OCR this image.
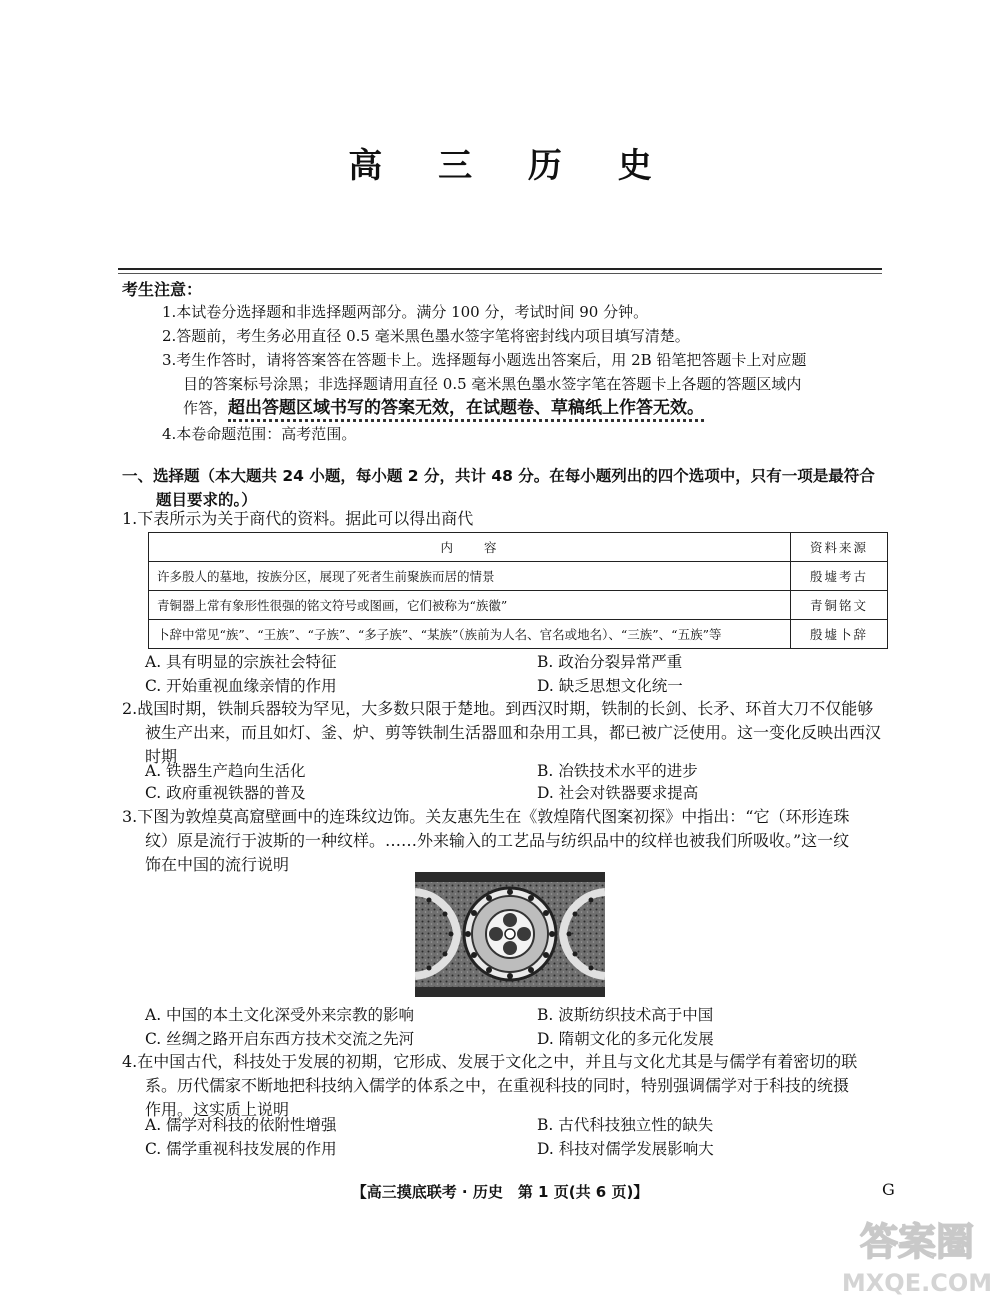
高 三 历 史
考生注意：
1.本试卷分选择题和非选择题两部分。满分 100 分，考试时间 90 分钟。
2.答题前，考生务必用直径 0.5 毫米黑色墨水签字笔将密封线内项目填写清楚。
3.考生作答时，请将答案答在答题卡上。选择题每小题选出答案后，用 2B 铅笔把答题卡上对应题
目的答案标号涂黑；非选择题请用直径 0.5 毫米黑色墨水签字笔在答题卡上各题的答题区域内
作答，超出答题区域书写的答案无效，在试题卷、草稿纸上作答无效。
4.本卷命题范围：高考范围。
一、选择题（本大题共 24 小题，每小题 2 分，共计 48 分。在每小题列出的四个选项中，只有一项是最符合
题目要求的。）
1.下表所示为关于商代的资料。据此可以得出商代
内　　容	资料来源
许多殷人的墓地，按族分区，展现了死者生前聚族而居的情景	殷墟考古
青铜器上常有象形性很强的铭文符号或图画，它们被称为“族徽”	青铜铭文
卜辞中常见“族”、“王族”、“子族”、“多子族”、“某族”（族前为人名、官名或地名）、“三族”、“五族”等	殷墟卜辞
A. 具有明显的宗族社会特征	B. 政治分裂异常严重
C. 开始重视血缘亲情的作用	D. 缺乏思想文化统一
2.战国时期，铁制兵器较为罕见，大多数只限于楚地。到西汉时期，铁制的长剑、长矛、环首大刀不仅能够
被生产出来，而且如灯、釜、炉、剪等铁制生活器皿和杂用工具，都已被广泛使用。这一变化反映出西汉
时期
A. 铁器生产趋向生活化	B. 冶铁技术水平的进步
C. 政府重视铁器的普及	D. 社会对铁器要求提高
3.下图为敦煌莫高窟壁画中的连珠纹边饰。关友惠先生在《敦煌隋代图案初探》中指出：“它（环形连珠
纹）原是流行于波斯的一种纹样。……外来输入的工艺品与纺织品中的纹样也被我们所吸收。”这一纹
饰在中国的流行说明
A. 中国的本土文化深受外来宗教的影响	B. 波斯纺织技术高于中国
C. 丝绸之路开启东西方技术交流之先河	D. 隋朝文化的多元化发展
4.在中国古代，科技处于发展的初期，它形成、发展于文化之中，并且与文化尤其是与儒学有着密切的联
系。历代儒家不断地把科技纳入儒学的体系之中，在重视科技的同时，特别强调儒学对于科技的统摄
作用。这实质上说明
A. 儒学对科技的依附性增强	B. 古代科技独立性的缺失
C. 儒学重视科技发展的作用	D. 科技对儒学发展影响大
【高三摸底联考 · 历史　第 1 页(共 6 页)】	G
答案圈
MXQE.COM
